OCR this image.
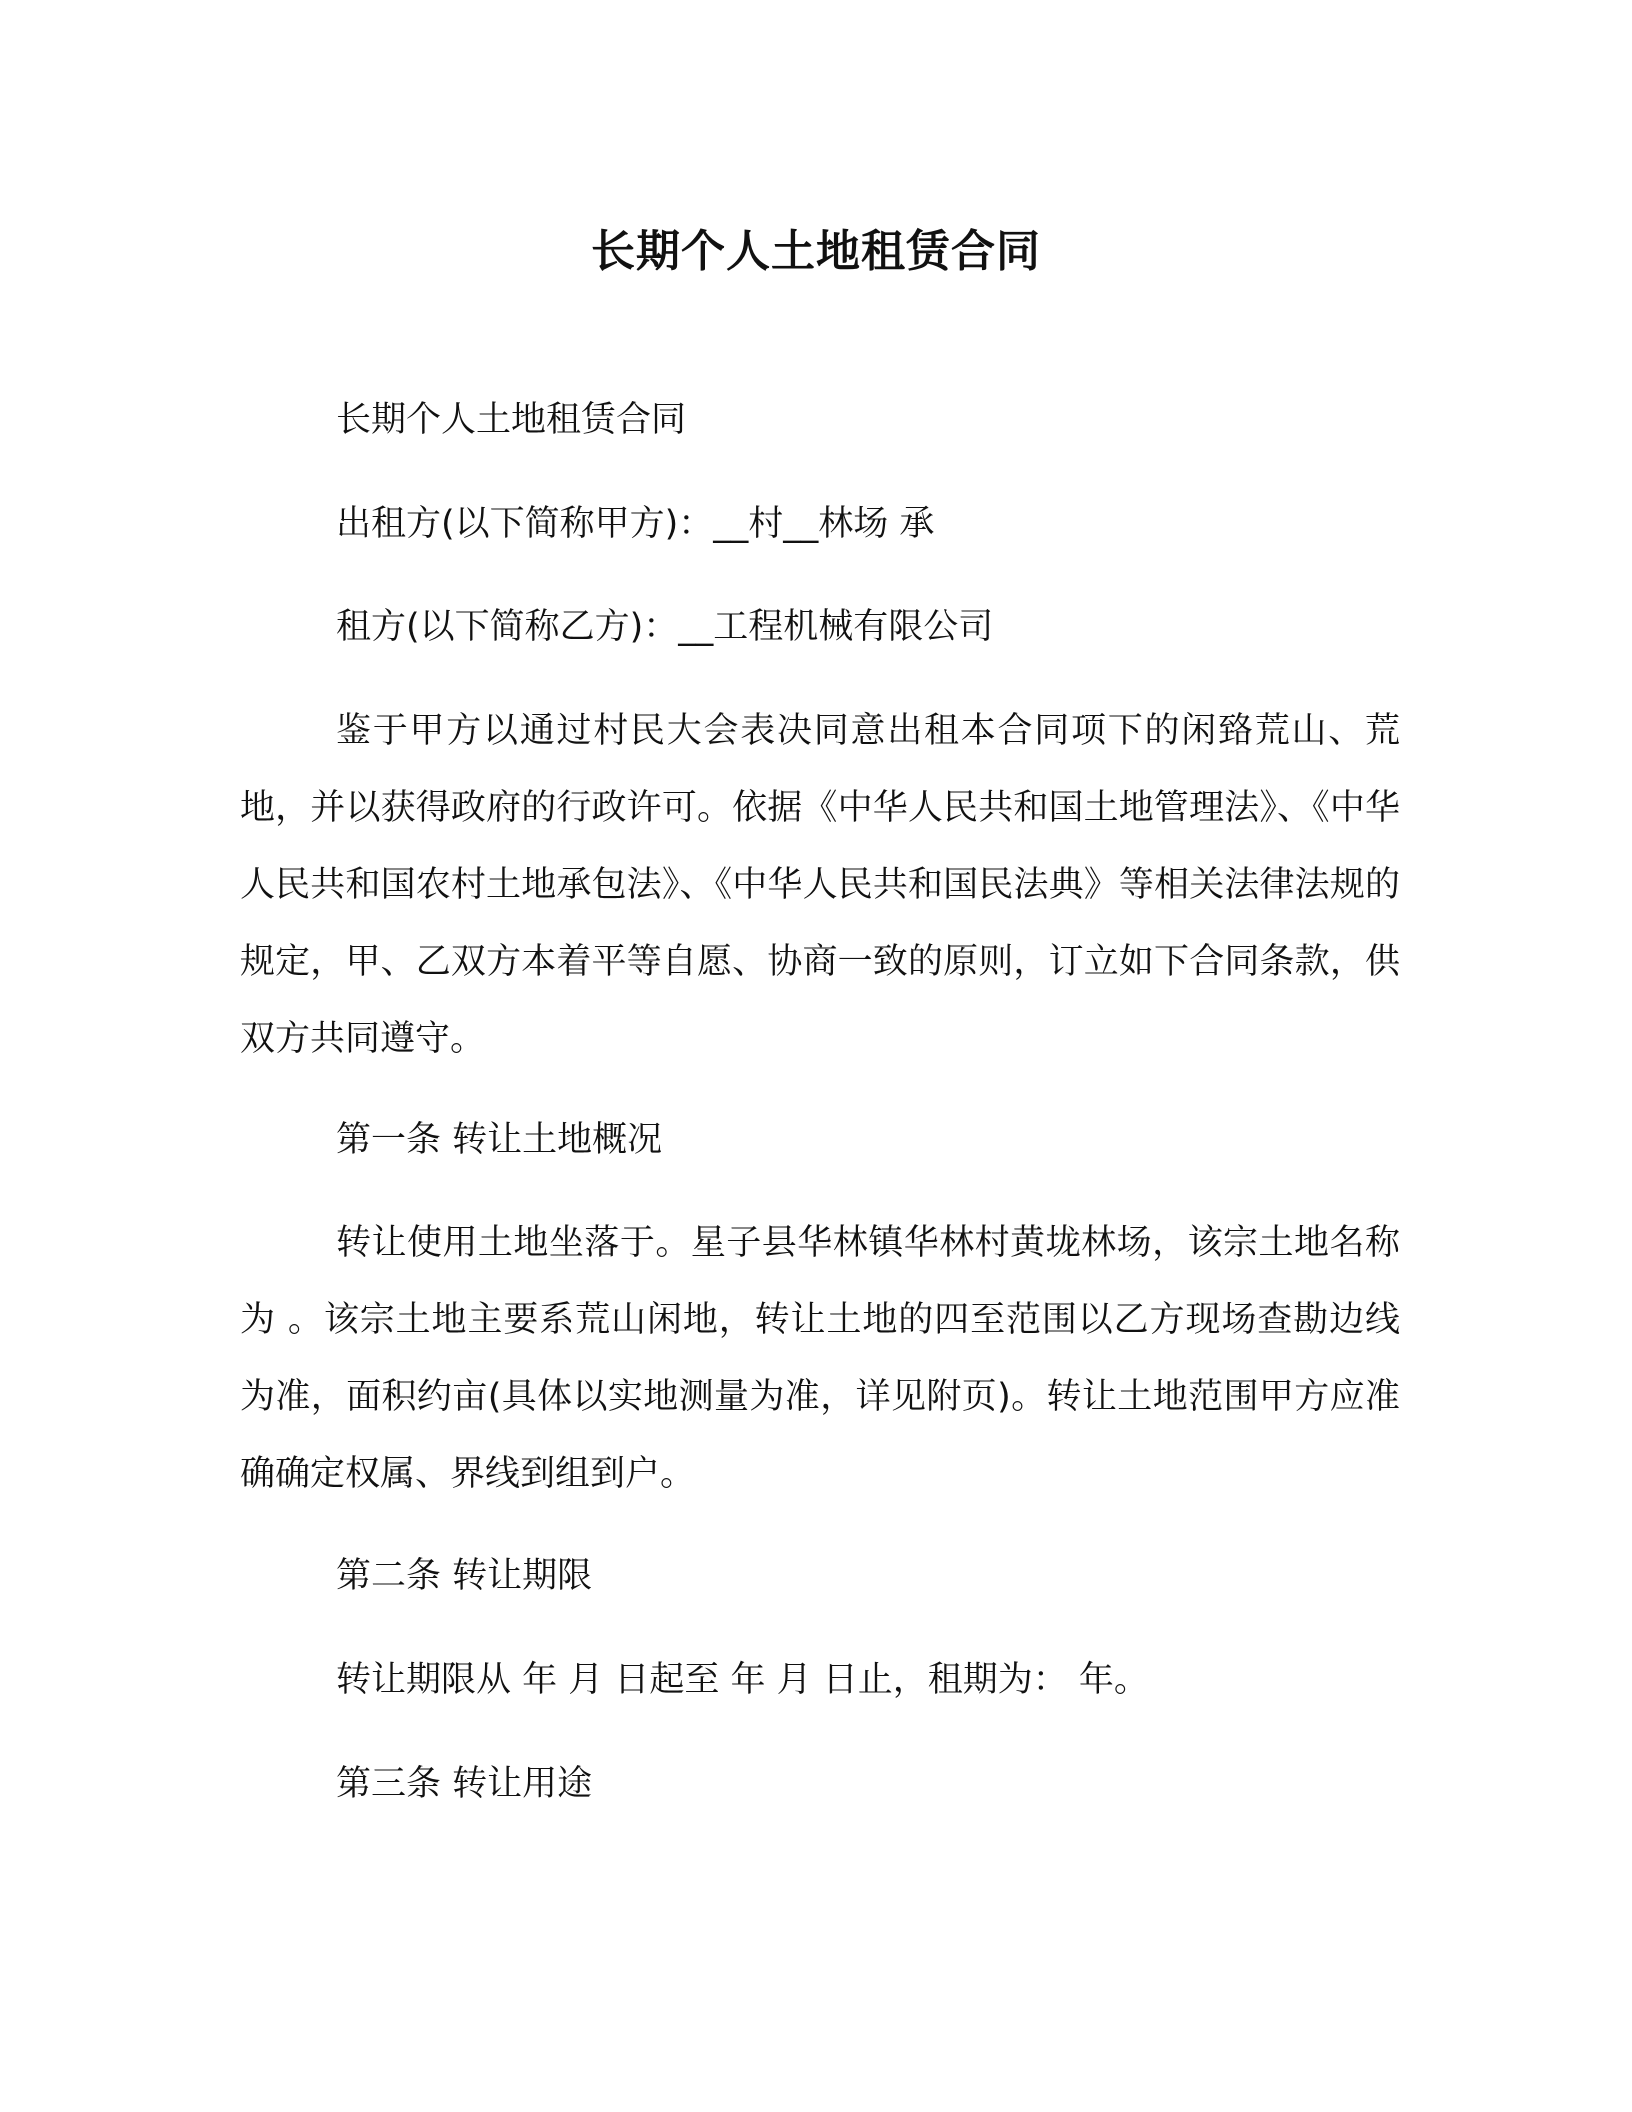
长期个人土地租赁合同
长期个人土地租赁合同
出租方(以下简称甲方)：__村__林场 承
租方(以下简称乙方)：__工程机械有限公司
鉴于甲方以通过村民大会表决同意出租本合同项下的闲臵荒山、荒地，并以获得政府的行政许可。依据《中华人民共和国土地管理法》、《中华人民共和国农村土地承包法》、《中华人民共和国民法典》等相关法律法规的规定，甲、乙双方本着平等自愿、协商一致的原则，订立如下合同条款，供双方共同遵守。
第一条 转让土地概况
转让使用土地坐落于。星子县华林镇华林村黄垅林场，该宗土地名称为 。该宗土地主要系荒山闲地，转让土地的四至范围以乙方现场查勘边线为准，面积约亩(具体以实地测量为准，详见附页)。转让土地范围甲方应准确确定权属、界线到组到户。
第二条 转让期限
转让期限从 年 月 日起至 年 月 日止，租期为： 年。
第三条 转让用途
